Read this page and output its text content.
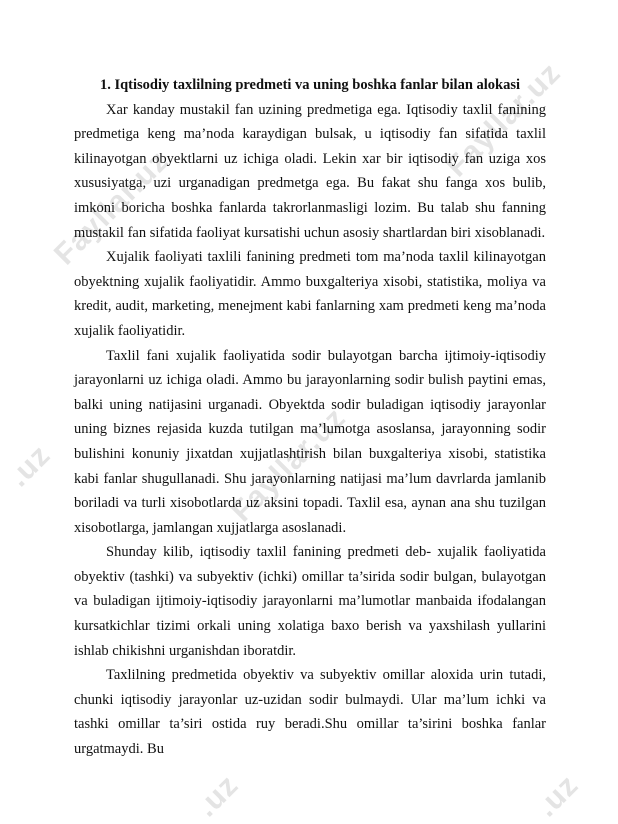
Fayllar.uz
Fayllar.uz
.uz	Fayllar.uz
.uz	.uz
1. Iqtisodiy taxlilning predmeti va uning boshka fanlar bilan alokasi

Xar kanday mustakil fan uzining predmetiga ega. Iqtisodiy taxlil fanining predmetiga keng ma’noda karaydigan bulsak, u iqtisodiy fan sifatida taxlil kilinayotgan obyektlarni uz ichiga oladi. Lekin xar bir iqtisodiy fan uziga xos xususiyatga, uzi urganadigan predmetga ega. Bu fakat shu fanga xos bulib, imkoni boricha boshka fanlarda takrorlanmasligi lozim. Bu talab shu fanning mustakil fan sifatida faoliyat kursatishi uchun asosiy shartlardan biri xisoblanadi.

Xujalik faoliyati taxlili fanining predmeti tom ma’noda taxlil kilinayotgan obyektning xujalik faoliyatidir. Ammo buxgalteriya xisobi, statistika, moliya va kredit, audit, marketing, menejment kabi fanlarning xam predmeti keng ma’noda xujalik faoliyatidir.

Taxlil fani xujalik faoliyatida sodir bulayotgan barcha ijtimoiy-iqtisodiy jarayonlarni uz ichiga oladi. Ammo bu jarayonlarning sodir bulish paytini emas, balki uning natijasini urganadi. Obyektda sodir buladigan iqtisodiy jarayonlar uning biznes rejasida kuzda tutilgan ma’lumotga asoslansa, jarayonning sodir bulishini konuniy jixatdan xujjatlashtirish bilan buxgalteriya xisobi, statistika kabi fanlar shugullanadi. Shu jarayonlarning natijasi ma’lum davrlarda jamlanib boriladi va turli xisobotlarda uz aksini topadi. Taxlil esa, aynan ana shu tuzilgan xisobotlarga, jamlangan xujjatlarga asoslanadi.

Shunday kilib, iqtisodiy taxlil fanining predmeti deb- xujalik faoliyatida obyektiv (tashki) va subyektiv (ichki) omillar ta’sirida sodir bulgan, bulayotgan va buladigan ijtimoiy-iqtisodiy jarayonlarni ma’lumotlar manbaida ifodalangan kursatkichlar tizimi orkali uning xolatiga baxo berish va yaxshilash yullarini ishlab chikishni urganishdan iboratdir.

Taxlilning predmetida obyektiv va subyektiv omillar aloxida urin tutadi, chunki iqtisodiy jarayonlar uz-uzidan sodir bulmaydi. Ular ma’lum ichki va tashki omillar ta’siri ostida ruy beradi.Shu omillar ta’sirini boshka fanlar urgatmaydi. Bu
